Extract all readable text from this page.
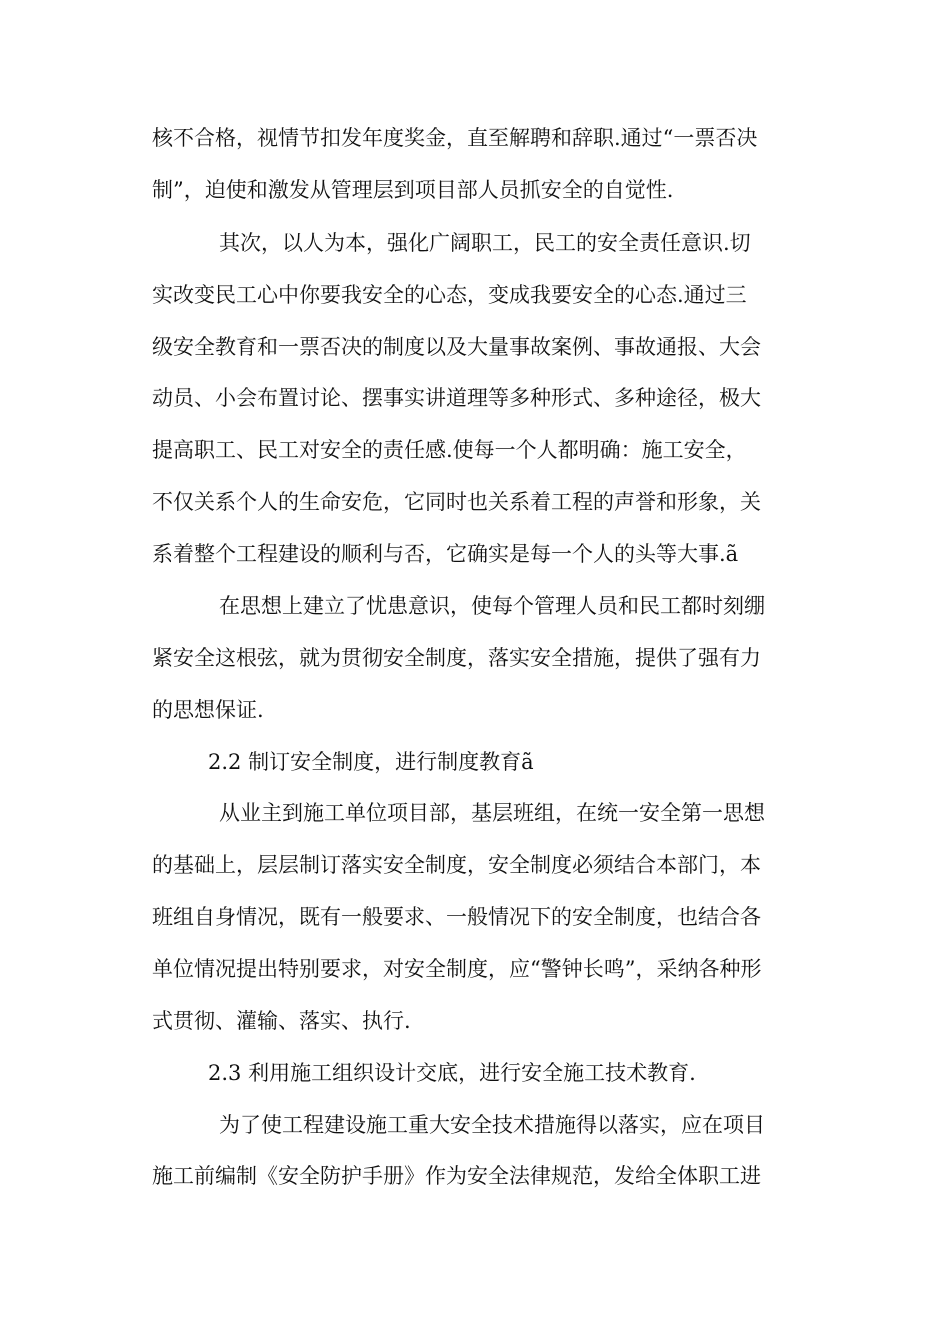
核不合格，视情节扣发年度奖金，直至解聘和辞职.通过“一票否决
制”，迫使和激发从管理层到项目部人员抓安全的自觉性.
其次，以人为本，强化广阔职工，民工的安全责任意识.切
实改变民工心中你要我安全的心态，变成我要安全的心态.通过三
级安全教育和一票否决的制度以及大量事故案例、事故通报、大会
动员、小会布置讨论、摆事实讲道理等多种形式、多种途径，极大
提高职工、民工对安全的责任感.使每一个人都明确：施工安全，
不仅关系个人的生命安危，它同时也关系着工程的声誉和形象，关
系着整个工程建设的顺利与否，它确实是每一个人的头等大事.ã
在思想上建立了忧患意识，使每个管理人员和民工都时刻绷
紧安全这根弦，就为贯彻安全制度，落实安全措施，提供了强有力
的思想保证.
2.2 制订安全制度，进行制度教育ã
从业主到施工单位项目部，基层班组，在统一安全第一思想
的基础上，层层制订落实安全制度，安全制度必须结合本部门，本
班组自身情况，既有一般要求、一般情况下的安全制度，也结合各
单位情况提出特别要求，对安全制度，应“警钟长鸣”，采纳各种形
式贯彻、灌输、落实、执行.
2.3 利用施工组织设计交底，进行安全施工技术教育.
为了使工程建设施工重大安全技术措施得以落实，应在项目
施工前编制《安全防护手册》作为安全法律规范，发给全体职工进
